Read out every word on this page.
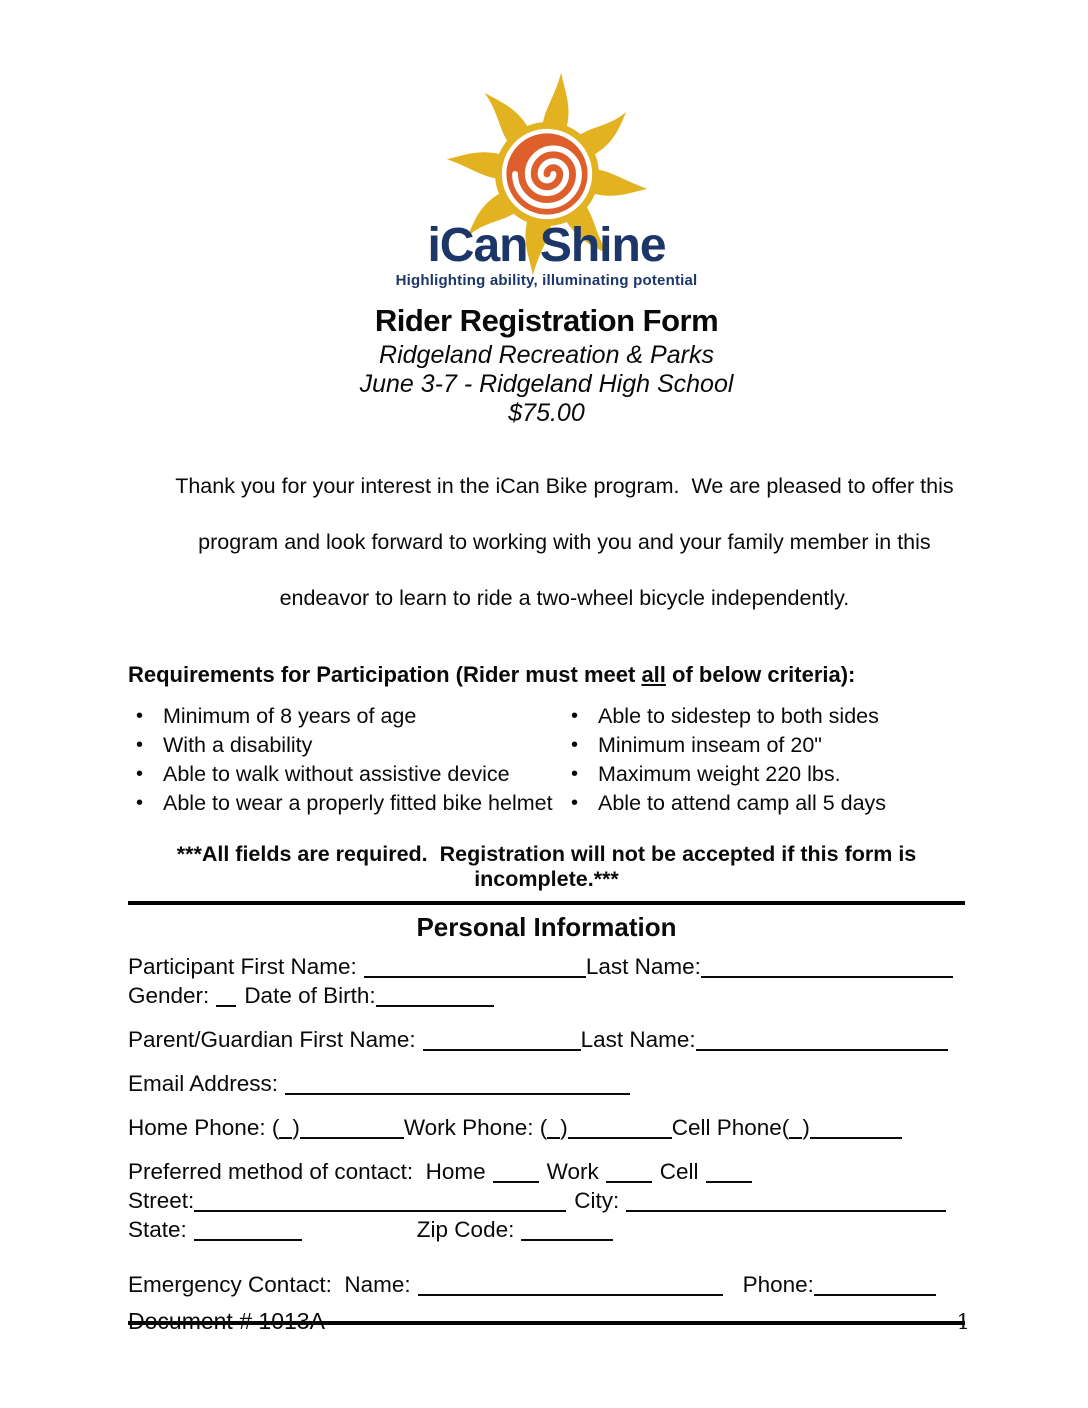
iCan Shine
Highlighting ability, illuminating potential
Rider Registration Form
Ridgeland Recreation & Parks
June 3-7 - Ridgeland High School
$75.00

Thank you for your interest in the iCan Bike program.  We are pleased to offer this

program and look forward to working with you and your family member in this

endeavor to learn to ride a two-wheel bicycle independently.

Requirements for Participation (Rider must meet all of below criteria):
• Minimum of 8 years of age
• With a disability
• Able to walk without assistive device
• Able to wear a properly fitted bike helmet
• Able to sidestep to both sides
• Minimum inseam of 20"
• Maximum weight 220 lbs.
• Able to attend camp all 5 days
***All fields are required.  Registration will not be accepted if this form is incomplete.***
Personal Information
Participant First Name:	Last Name:
Gender: Date of Birth:
Parent/Guardian First Name:	Last Name:
Email Address:
Home Phone: ( )	Work Phone: ( )	Cell Phone( )
Preferred method of contact:  Home	Work	Cell
Street:	City:
State:	Zip Code:
Emergency Contact:  Name:	Phone:
Document # 1013A	1
